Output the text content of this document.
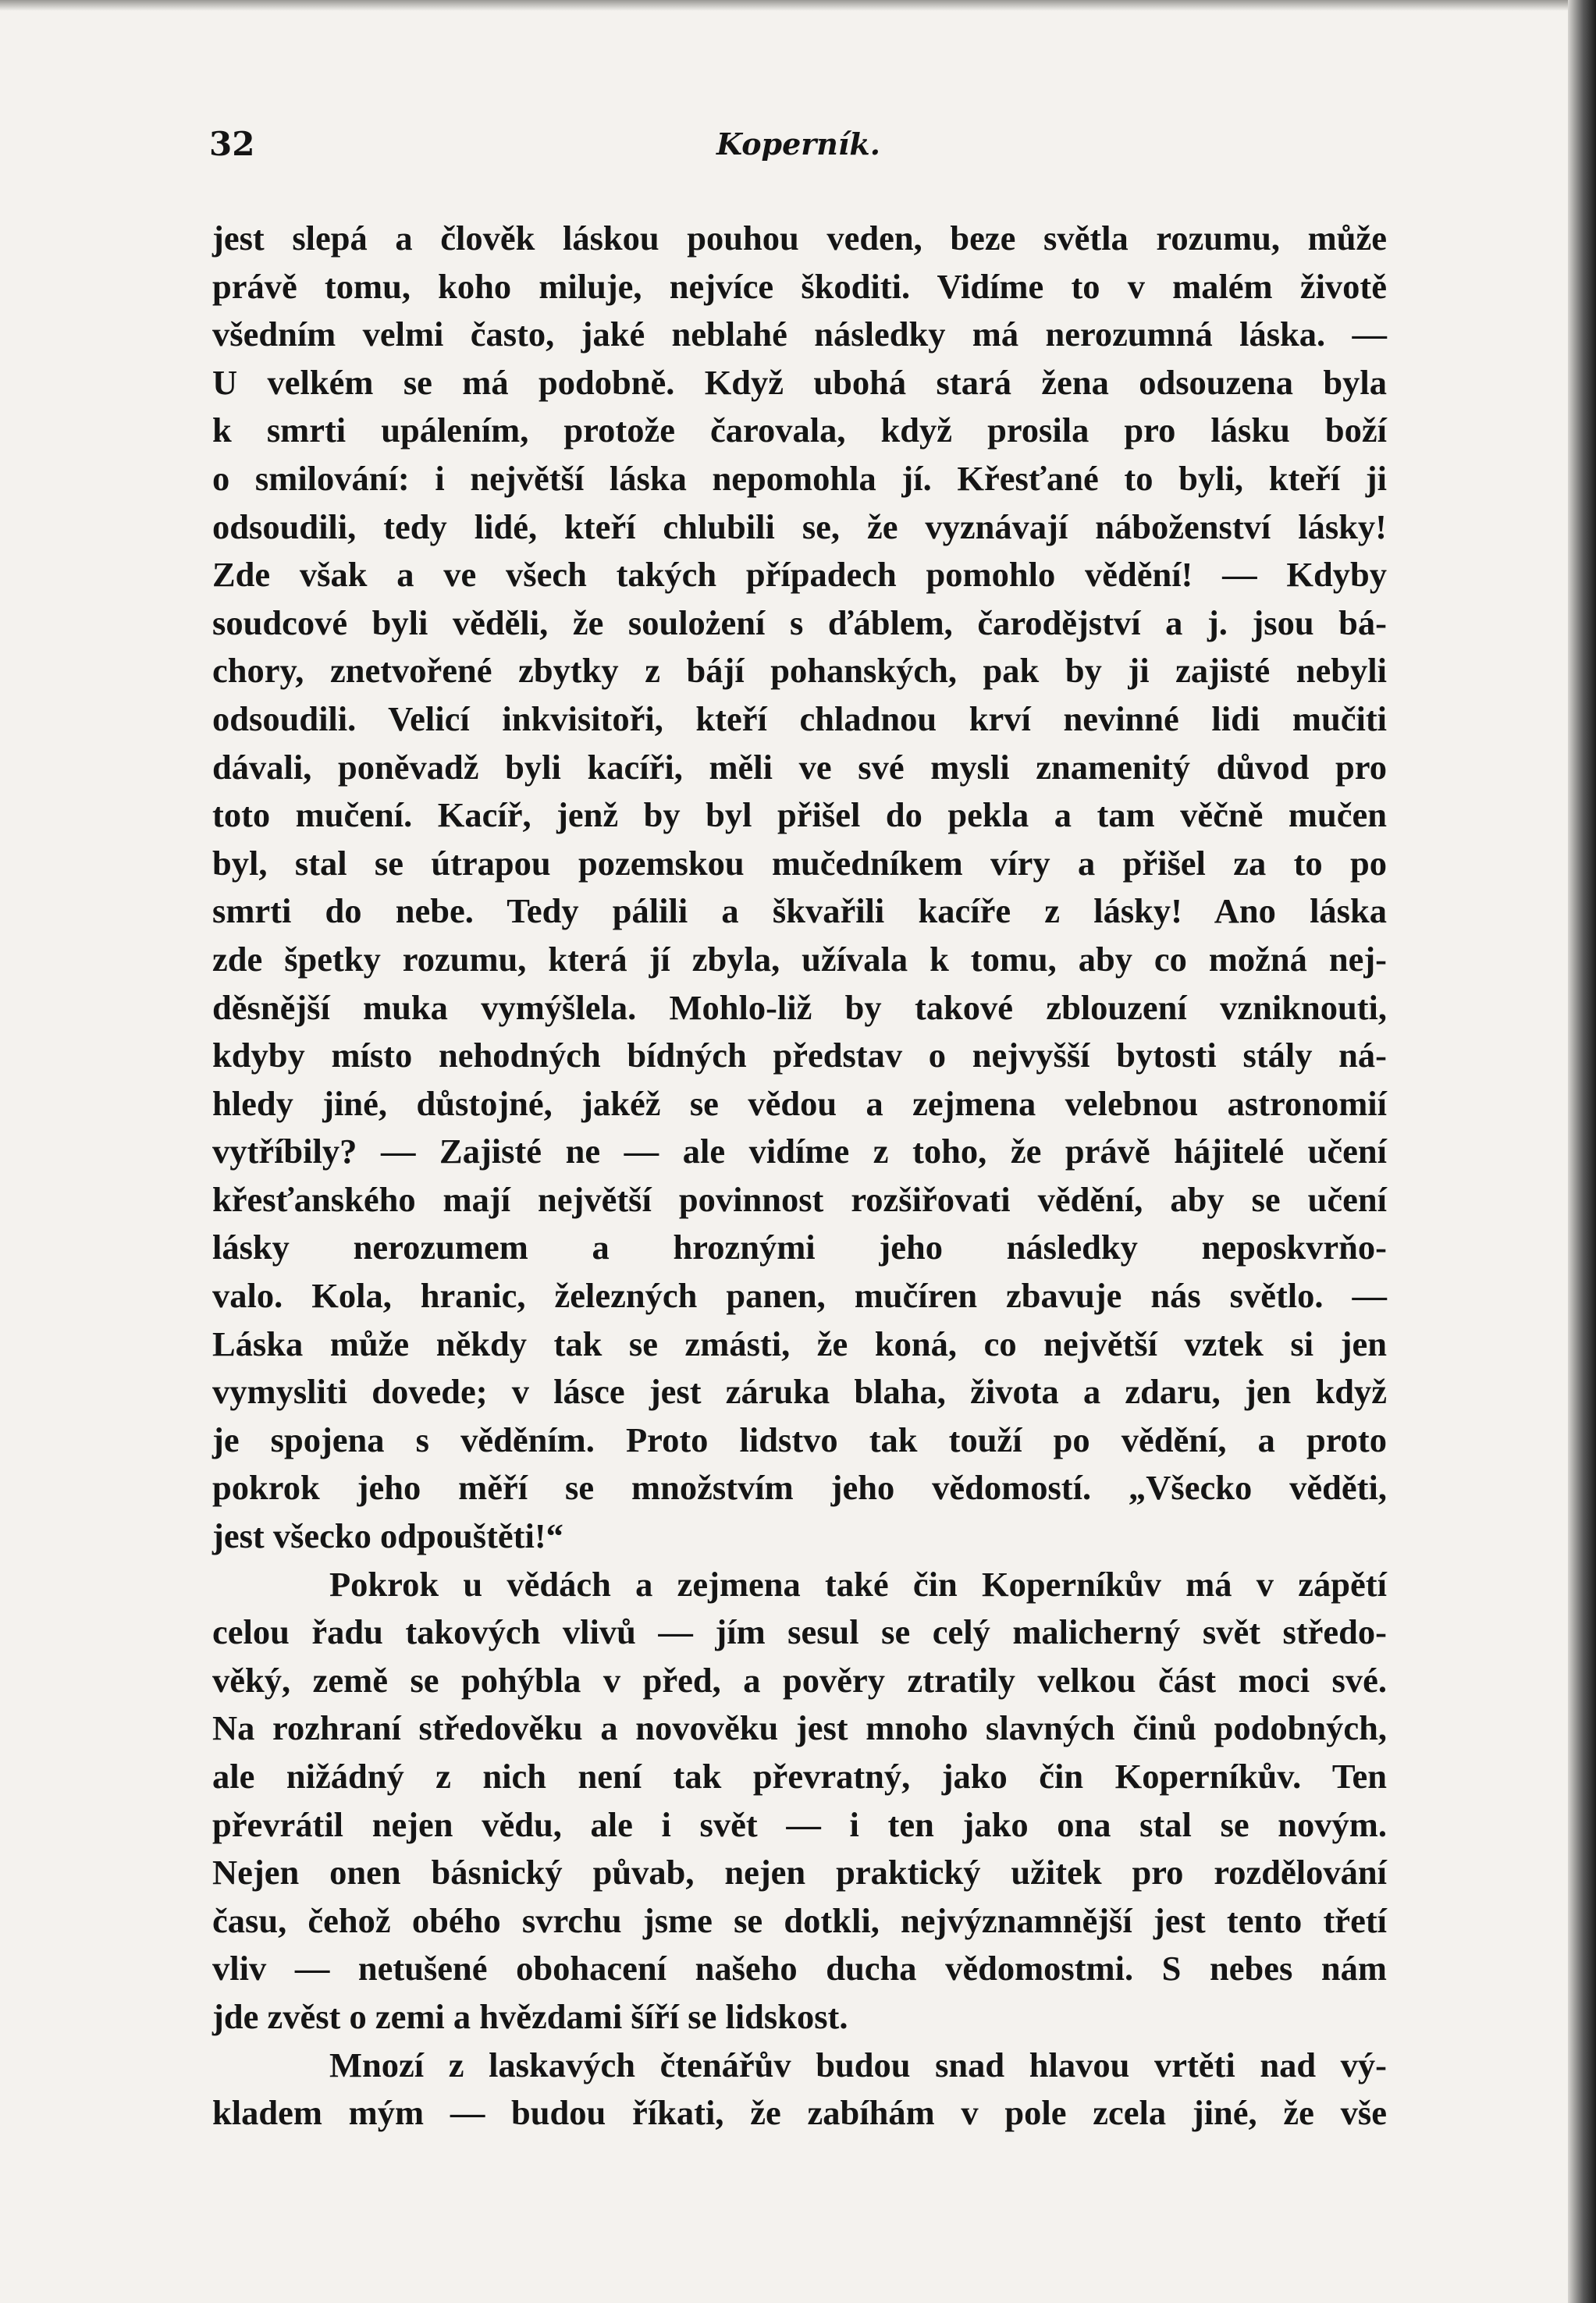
32	Koperník.
jest slepá a člověk láskou pouhou veden, beze světla rozumu, může
právě tomu, koho miluje, nejvíce škoditi. Vidíme to v malém životě
všedním velmi často, jaké neblahé následky má nerozumná láska. —
U velkém se má podobně. Když ubohá stará žena odsouzena byla
k smrti upálením, protože čarovala, když prosila pro lásku boží
o smilování: i největší láska nepomohla jí. Křesťané to byli, kteří ji
odsoudili, tedy lidé, kteří chlubili se, že vyznávají náboženství lásky!
Zde však a ve všech takých případech pomohlo vědění! — Kdyby
soudcové byli věděli, že soulożení s ďáblem, čarodějství a j. jsou bá-
chory, znetvořené zbytky z bájí pohanských, pak by ji zajisté nebyli
odsoudili. Velicí inkvisitoři, kteří chladnou krví nevinné lidi mučiti
dávali, poněvadž byli kacíři, měli ve své mysli znamenitý důvod pro
toto mučení. Kacíř, jenž by byl přišel do pekla a tam věčně mučen
byl, stal se útrapou pozemskou mučedníkem víry a přišel za to po
smrti do nebe. Tedy pálili a škvařili kacíře z lásky! Ano láska
zde špetky rozumu, která jí zbyla, užívala k tomu, aby co možná nej-
děsnější muka vymýšlela. Mohlo-liž by takové zblouzení vzniknouti,
kdyby místo nehodných bídných představ o nejvyšší bytosti stály ná-
hledy jiné, důstojné, jakéž se vědou a zejmena velebnou astronomií
vytříbily? — Zajisté ne — ale vidíme z toho, že právě hájitelé učení
křesťanského mají největší povinnost rozšiřovati vědění, aby se učení
lásky nerozumem a hroznými jeho následky neposkvrňo-
valo. Kola, hranic, železných panen, mučíren zbavuje nás světlo. —
Láska může někdy tak se zmásti, že koná, co největší vztek si jen
vymysliti dovede; v lásce jest záruka blaha, života a zdaru, jen když
je spojena s věděním. Proto lidstvo tak touží po vědění, a proto
pokrok jeho měří se množstvím jeho vědomostí. „Všecko věděti,
jest všecko odpouštěti!“
Pokrok u vědách a zejmena také čin Koperníkův má v zápětí
celou řadu takových vlivů — jím sesul se celý malicherný svět středo-
věký, země se pohýbla v před, a pověry ztratily velkou část moci své.
Na rozhraní středověku a novověku jest mnoho slavných činů podobných,
ale nižádný z nich není tak převratný, jako čin Koperníkův. Ten
převrátil nejen vědu, ale i svět — i ten jako ona stal se novým.
Nejen onen básnický půvab, nejen praktický užitek pro rozdělování
času, čehož obého svrchu jsme se dotkli, nejvýznamnější jest tento třetí
vliv — netušené obohacení našeho ducha vědomostmi. S nebes nám
jde zvěst o zemi a hvězdami šíří se lidskost.
Mnozí z laskavých čtenářův budou snad hlavou vrtěti nad vý-
kladem mým — budou říkati, že zabíhám v pole zcela jiné, že vše
